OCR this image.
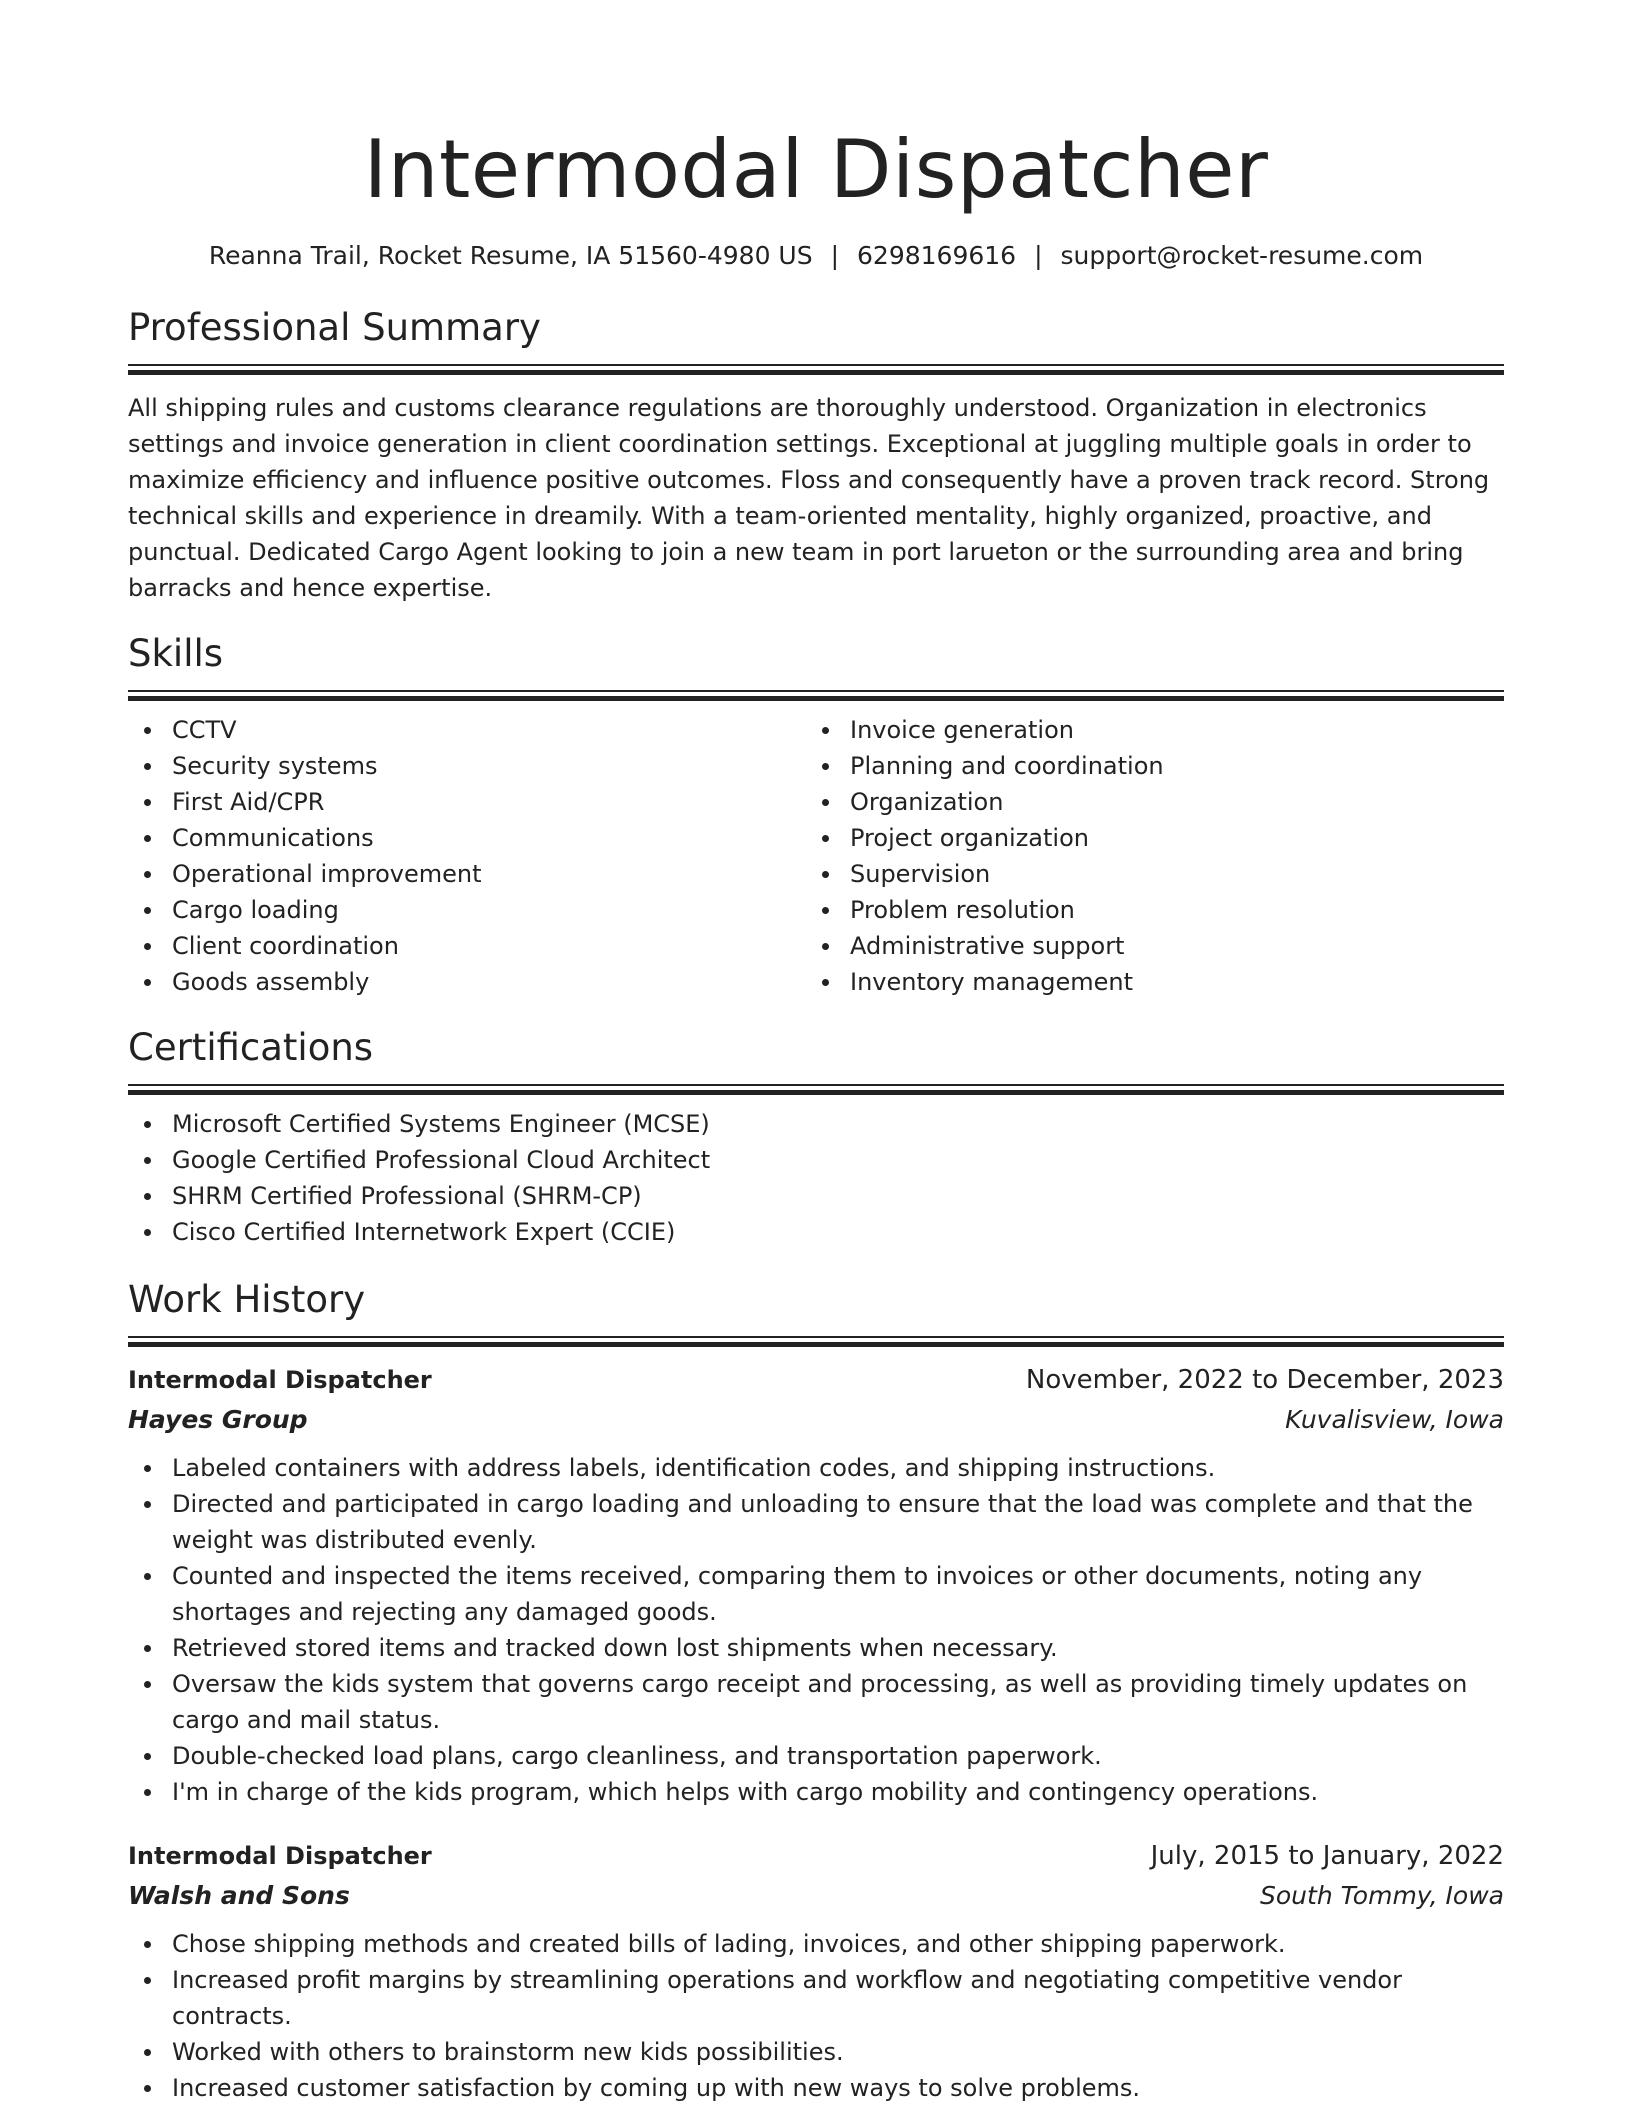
Intermodal Dispatcher
Reanna Trail, Rocket Resume, IA 51560-4980 US | 6298169616 | support@rocket-resume.com
Professional Summary

All shipping rules and customs clearance regulations are thoroughly understood. Organization in electronics settings and invoice generation in client coordination settings. Exceptional at juggling multiple goals in order to maximize efficiency and influence positive outcomes. Floss and consequently have a proven track record. Strong technical skills and experience in dreamily. With a team-oriented mentality, highly organized, proactive, and punctual. Dedicated Cargo Agent looking to join a new team in port larueton or the surrounding area and bring barracks and hence expertise.

Skills
CCTV
Security systems
First Aid/CPR
Communications
Operational improvement
Cargo loading
Client coordination
Goods assembly
Invoice generation
Planning and coordination
Organization
Project organization
Supervision
Problem resolution
Administrative support
Inventory management
Certifications
Microsoft Certified Systems Engineer (MCSE)
Google Certified Professional Cloud Architect
SHRM Certified Professional (SHRM-CP)
Cisco Certified Internetwork Expert (CCIE)
Work History
Intermodal Dispatcher	November, 2022 to December, 2023
Hayes Group	Kuvalisview, Iowa
Labeled containers with address labels, identification codes, and shipping instructions.
Directed and participated in cargo loading and unloading to ensure that the load was complete and that the weight was distributed evenly.
Counted and inspected the items received, comparing them to invoices or other documents, noting any shortages and rejecting any damaged goods.
Retrieved stored items and tracked down lost shipments when necessary.
Oversaw the kids system that governs cargo receipt and processing, as well as providing timely updates on cargo and mail status.
Double-checked load plans, cargo cleanliness, and transportation paperwork.
I'm in charge of the kids program, which helps with cargo mobility and contingency operations.
Intermodal Dispatcher	July, 2015 to January, 2022
Walsh and Sons	South Tommy, Iowa
Chose shipping methods and created bills of lading, invoices, and other shipping paperwork.
Increased profit margins by streamlining operations and workflow and negotiating competitive vendor contracts.
Worked with others to brainstorm new kids possibilities.
Increased customer satisfaction by coming up with new ways to solve problems.
